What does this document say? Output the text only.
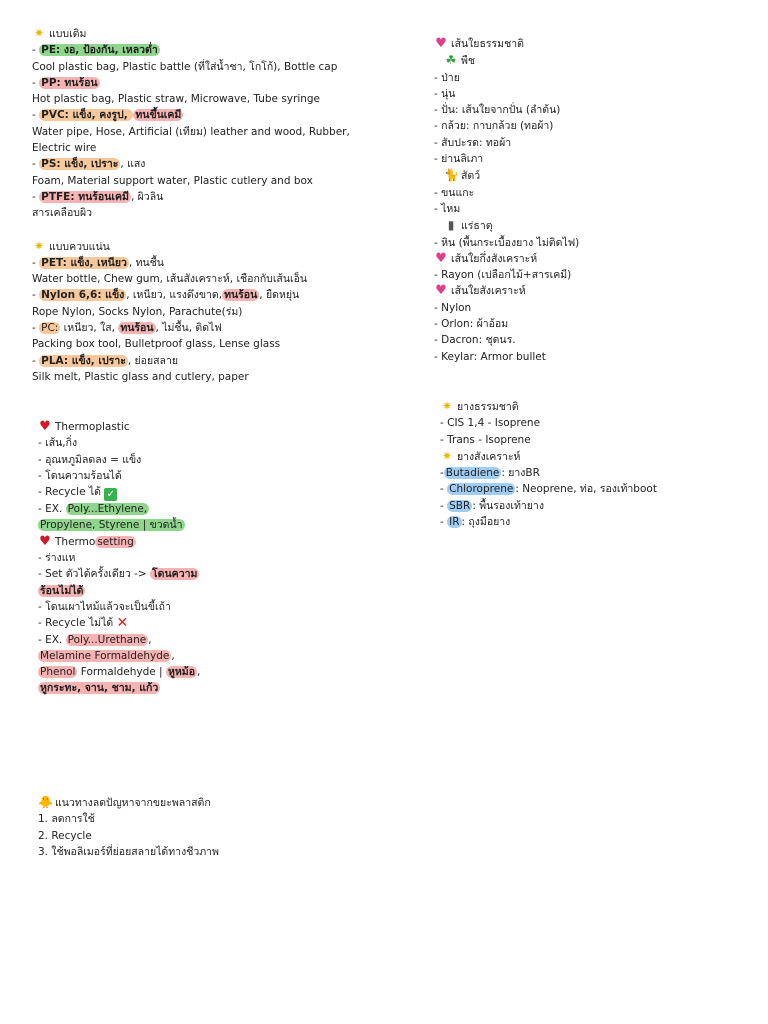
✷ แบบเติม
- PE: งอ, ป้องกัน, เหลวต่ำ
Cool plastic bag, Plastic battle (ที่ใส่น้ำชา, โกโก้), Bottle cap
- PP: ทนร้อน
Hot plastic bag, Plastic straw, Microwave, Tube syringe
- PVC: แข็ง, คงรูป, ทนขึ้นเคมี
Water pipe, Hose, Artificial (เทียม) leather and wood, Rubber,
Electric wire
- PS: แข็ง, เปราะ , แสง
Foam, Material support water, Plastic cutlery and box
- PTFE: ทนร้อนเคมี , ผิวลิน
สารเคลือบผิว
✷ แบบควบแน่น
- PET: แข็ง, เหนียว , ทนชื้น
Water bottle, Chew gum, เส้นสังเคราะห์, เชือกกับเส้นเอ็น
- Nylon 6,6: แข็ง , เหนียว, แรงดึงขาด, ทนร้อน , ยืดหยุ่น
Rope Nylon, Socks Nylon, Parachute(ร่ม)
- PC: เหนียว, ใส, ทนร้อน , ไม่ชื้น, ติดไฟ
Packing box tool, Bulletproof glass, Lense glass
- PLA: แข็ง, เปราะ , ย่อยสลาย
Silk melt, Plastic glass and cutlery, paper
♥ Thermoplastic
- เส้น,กิ่ง
- อุณหภูมิลดลง = แข็ง
- โดนความร้อนได้
- Recycle ได้ ✓
- EX. Poly...Ethylene,
Propylene, Styrene | ขวดน้ำ
♥ Thermo setting
- ร่างแห
- Set ตัวได้ครั้งเดียว -> โดนความ
ร้อนไม่ได้
- โดนเผาไหม้แล้วจะเป็นขี้เถ้า
- Recycle ไม่ได้ ✕
- EX. Poly...Urethane ,
Melamine Formaldehyde ,
Phenol Formaldehyde | หูหม้อ ,
หูกระทะ, จาน, ชาม, แก้ว
🐥 แนวทางลดปัญหาจากขยะพลาสติก
1. ลดการใช้
2. Recycle
3. ใช้พอลิเมอร์ที่ย่อยสลายได้ทางชีวภาพ
♥ เส้นใยธรรมชาติ
☘ พืช
- ป่าย
- นุ่น
- ปั่น: เส้นใยจากปั่น (ลำต้น)
- กล้วย: กาบกล้วย (ทอผ้า)
- สับปะรด: ทอผ้า
- ย่านลิเภา
🐈 สัตว์
- ขนแกะ
- ไหม
▮ แร่ธาตุ
- หิน (พื้นกระเบื้องยาง ไม่ติดไฟ)
♥ เส้นใยกึ่งสังเคราะห์
- Rayon (เปลือกไม้+สารเคมี)
♥ เส้นใยสังเคราะห์
- Nylon
- Orlon: ผ้าอ้อม
- Dacron: ชุดนร.
- Keylar: Armor bullet
✷ ยางธรรมชาติ
- CIS 1,4 - Isoprene
- Trans - Isoprene
✷ ยางสังเคราะห์
- Butadiene : ยางBR
- Chloroprene : Neoprene, ท่อ, รองเท้าboot
- SBR : พื้นรองเท้ายาง
- IR : ถุงมือยาง
